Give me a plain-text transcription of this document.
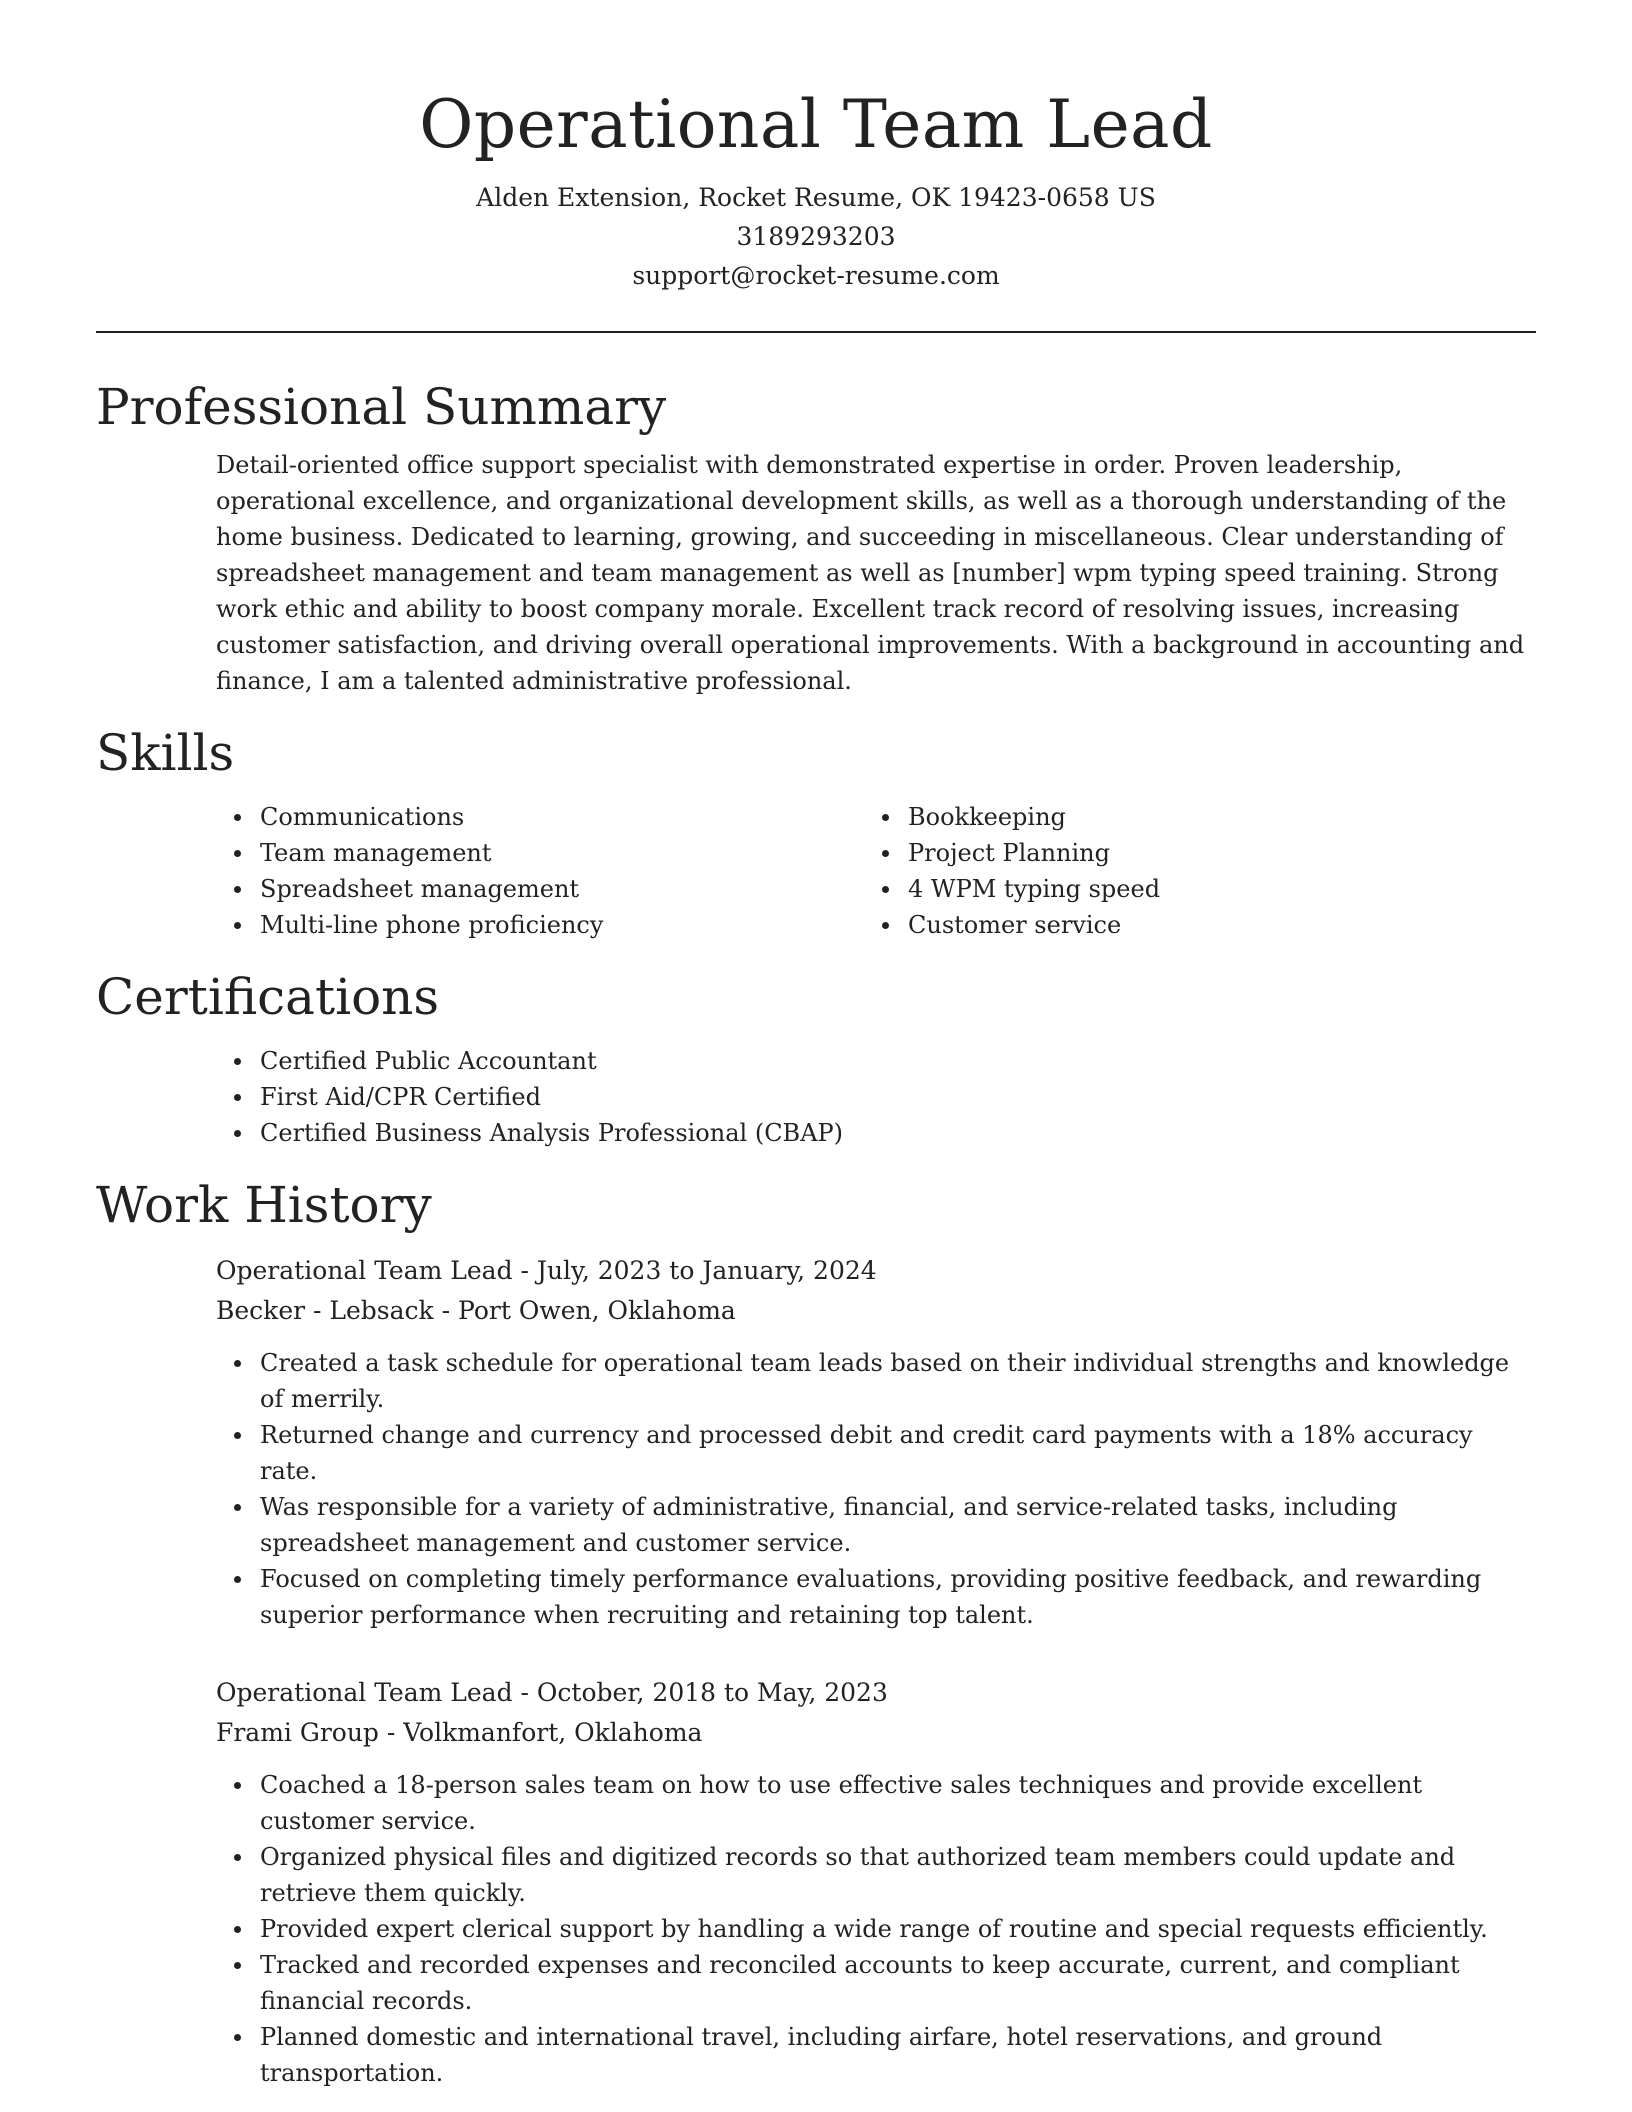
Operational Team Lead
Alden Extension, Rocket Resume, OK 19423-0658 US
3189293203
support@rocket-resume.com
Professional Summary
Detail-oriented office support specialist with demonstrated expertise in order. Proven leadership, operational excellence, and organizational development skills, as well as a thorough understanding of the home business. Dedicated to learning, growing, and succeeding in miscellaneous. Clear understanding of spreadsheet management and team management as well as [number] wpm typing speed training. Strong work ethic and ability to boost company morale. Excellent track record of resolving issues, increasing customer satisfaction, and driving overall operational improvements. With a background in accounting and finance, I am a talented administrative professional.
Skills
Communications
Team management
Spreadsheet management
Multi-line phone proficiency
Bookkeeping
Project Planning
4 WPM typing speed
Customer service
Certifications
Certified Public Accountant
First Aid/CPR Certified
Certified Business Analysis Professional (CBAP)
Work History
Operational Team Lead - July, 2023 to January, 2024
Becker - Lebsack - Port Owen, Oklahoma
Created a task schedule for operational team leads based on their individual strengths and knowledge of merrily.
Returned change and currency and processed debit and credit card payments with a 18% accuracy rate.
Was responsible for a variety of administrative, financial, and service-related tasks, including spreadsheet management and customer service.
Focused on completing timely performance evaluations, providing positive feedback, and rewarding superior performance when recruiting and retaining top talent.
Operational Team Lead - October, 2018 to May, 2023
Frami Group - Volkmanfort, Oklahoma
Coached a 18-person sales team on how to use effective sales techniques and provide excellent customer service.
Organized physical files and digitized records so that authorized team members could update and retrieve them quickly.
Provided expert clerical support by handling a wide range of routine and special requests efficiently.
Tracked and recorded expenses and reconciled accounts to keep accurate, current, and compliant financial records.
Planned domestic and international travel, including airfare, hotel reservations, and ground transportation.
